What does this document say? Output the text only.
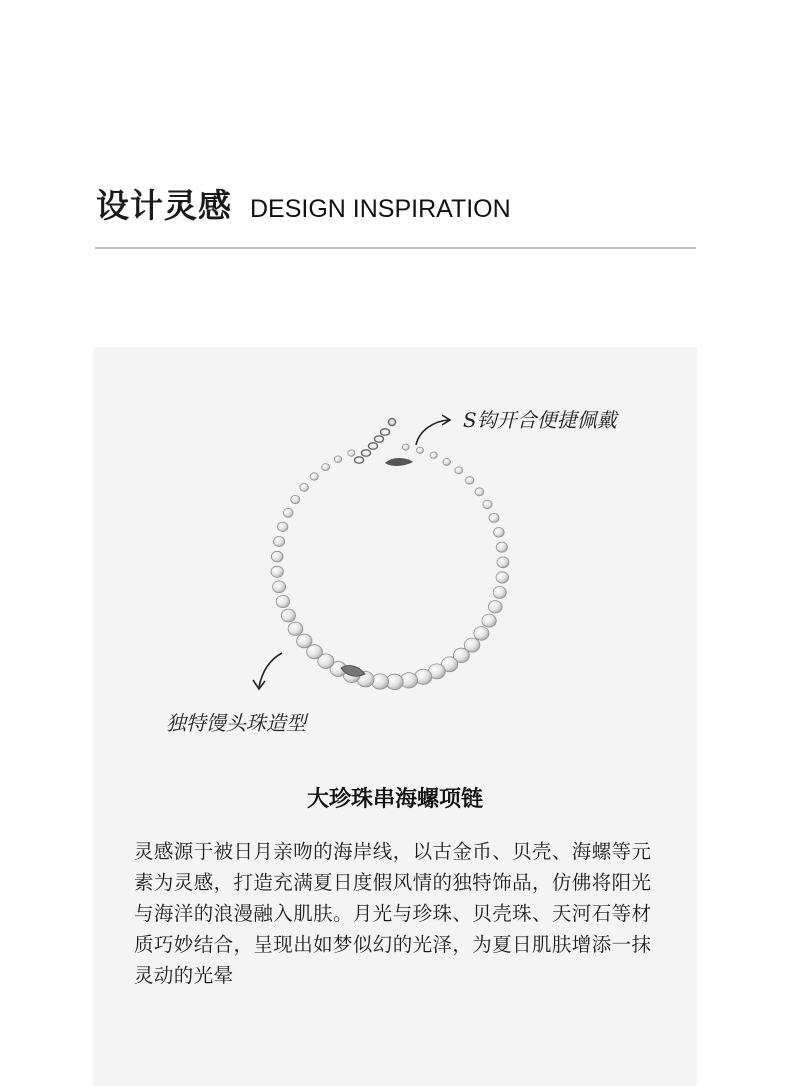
设计灵感 DESIGN INSPIRATION
S钩开合便捷佩戴
独特馒头珠造型
大珍珠串海螺项链
灵感源于被日月亲吻的海岸线，以古金币、贝壳、海螺等元素为灵感，打造充满夏日度假风情的独特饰品，仿佛将阳光与海洋的浪漫融入肌肤。月光与珍珠、贝壳珠、天河石等材质巧妙结合，呈现出如梦似幻的光泽，为夏日肌肤增添一抹灵动的光晕
